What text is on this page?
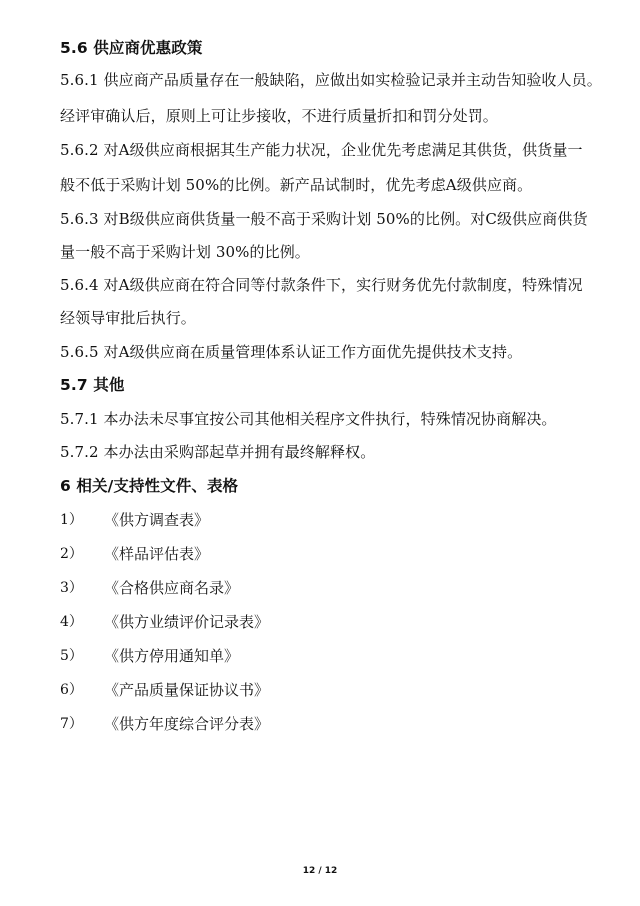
5.6 供应商优惠政策
5.6.1 供应商产品质量存在一般缺陷，应做出如实检验记录并主动告知验收人员。
经评审确认后，原则上可让步接收，不进行质量折扣和罚分处罚。
5.6.2 对A级供应商根据其生产能力状况，企业优先考虑满足其供货，供货量一
般不低于采购计划 50%的比例。新产品试制时，优先考虑A级供应商。
5.6.3 对B级供应商供货量一般不高于采购计划 50%的比例。对C级供应商供货
量一般不高于采购计划 30%的比例。
5.6.4 对A级供应商在符合同等付款条件下，实行财务优先付款制度，特殊情况
经领导审批后执行。
5.6.5 对A级供应商在质量管理体系认证工作方面优先提供技术支持。
5.7 其他
5.7.1 本办法未尽事宜按公司其他相关程序文件执行，特殊情况协商解决。
5.7.2 本办法由采购部起草并拥有最终解释权。
6 相关/支持性文件、表格
1） 《供方调查表》
2） 《样品评估表》
3） 《合格供应商名录》
4） 《供方业绩评价记录表》
5） 《供方停用通知单》
6） 《产品质量保证协议书》
7） 《供方年度综合评分表》
12 / 12
